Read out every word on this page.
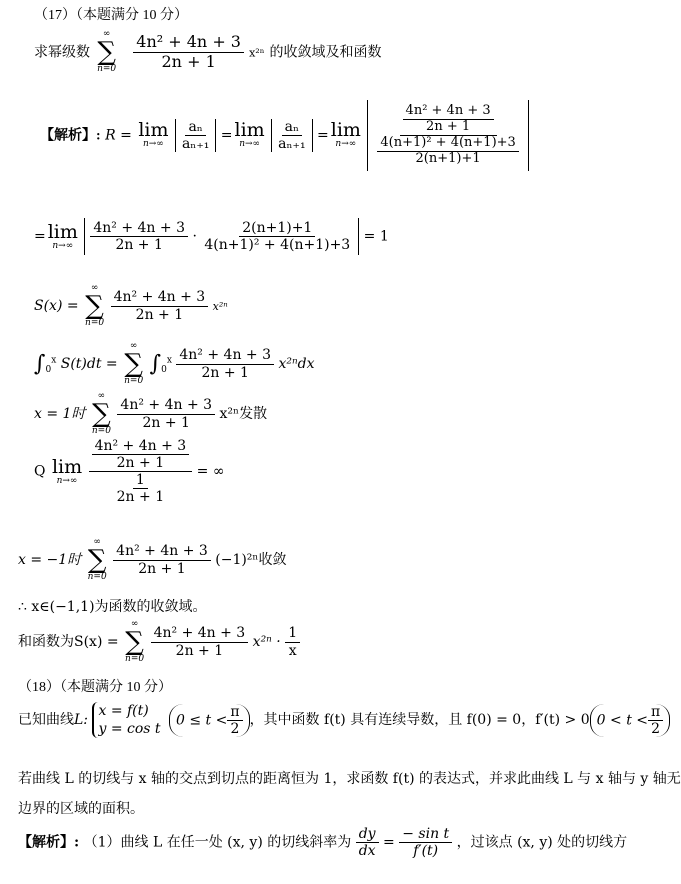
（17）（本题满分 10 分）
求幂级数
∞
∑
n=0
$\frac{\text{4n² + 4n + 3}}{2n + 1} x^{2n}$ 的收敛域及和函数
【解析】: R = lim
n→∞
$\frac{\text{aₙ}}{\text{aₙ₊₁}} = \lim$
n→∞
$\frac{\text{aₙ}}{\text{aₙ₊₁}} = \lim$
n→∞
$\frac{\frac{\text{4n² + 4n + 3}}{2n + 1}}{\frac{\text{4(n+1)² + 4(n+1)+3}}{2(n+1)+1}}$
= lim
n→∞
$\frac{\text{4n² + 4n + 3}}{2n + 1} \cdot \frac{2(n+1)+1}{\text{4(n+1)² + 4(n+1)+3}} = 1$
S(x) =
∞
∑
n=0

$\frac{\text{4n² + 4n + 3}}{2n + 1} x^{2n}$
$\int_0^x$ S(t)dt =
∞
∑
n=0
$\int_0^x \frac{\text{4n² + 4n + 3}}{2n + 1} x^{2n}dx$
x = 1时
∞
∑
n=0

$\frac{\text{4n² + 4n + 3}}{2n + 1} x^{2n}$发散
Q lim
n→∞
$\frac{\frac{\text{4n² + 4n + 3}}{2n + 1}}{\frac{1}{2n + 1}}$ = ∞
x = −1时
∞
∑
n=0

$\frac{\text{4n² + 4n + 3}}{2n + 1} (-1)^{2n}$收敛
∴ x∈(−1,1)为函数的收敛域。
和函数为S(x) =
∞
∑
n=0

$\frac{\text{4n² + 4n + 3}}{2n + 1} x^{2n} \cdot \frac{1}{x}$
（18）（本题满分 10 分）
已知曲线L: x = f(t)
y = cos t $0 \le t < \frac{\pi}{2}$ ，其中函数 f(t) 具有连续导数，且 f(0) = 0，f′(t) > 0 $0 < t < \frac{\pi}{2}$
若曲线 L 的切线与 x 轴的交点到切点的距离恒为 1，求函数 f(t) 的表达式，并求此曲线 L 与 x 轴与 y 轴无
边界的区域的面积。
【解析】: （1）曲线 L 在任一处 (x, y) 的切线斜率为 $\frac{dy}{dx} = \frac{\text{− sin t}}{f'(t)}$ ，过该点 (x, y) 处的切线方
